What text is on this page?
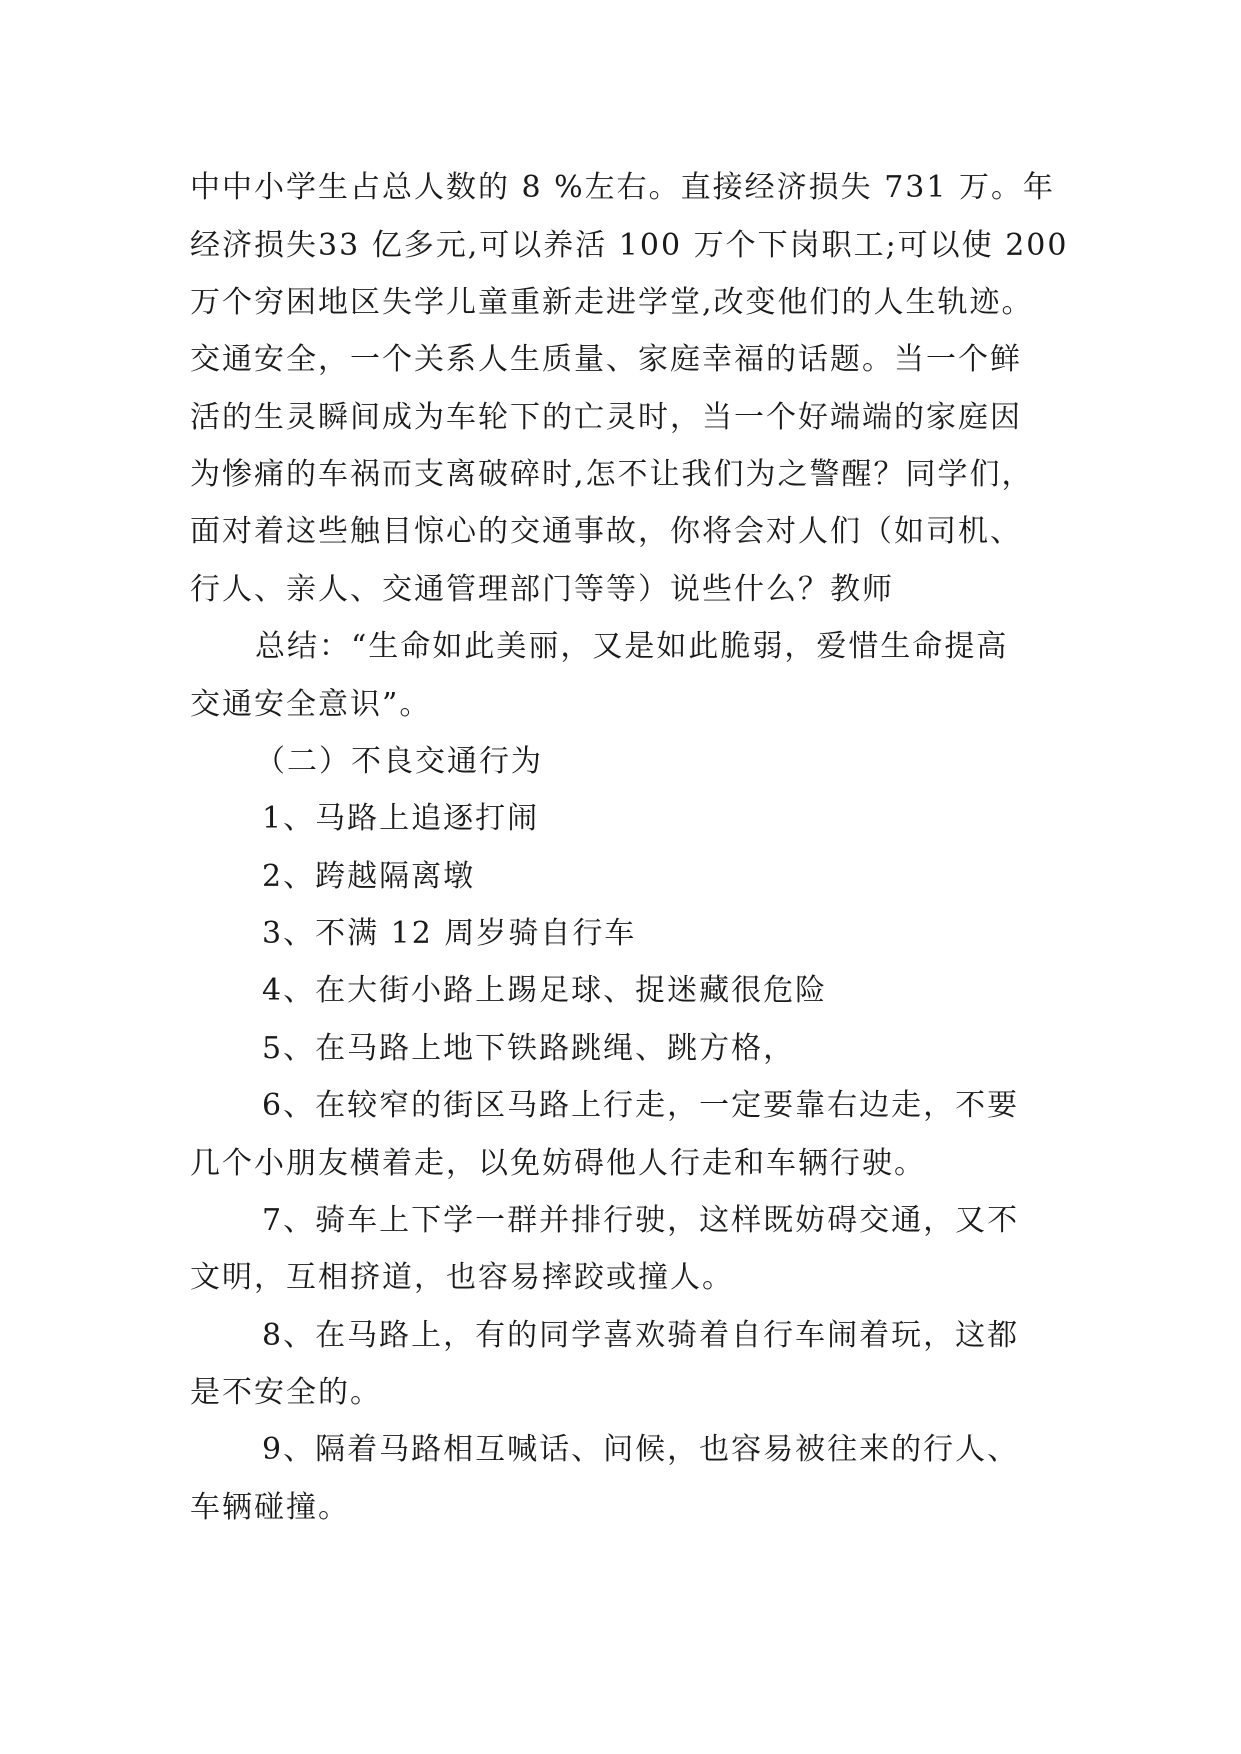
中中小学生占总人数的 8 %左右。直接经济损失 731 万。年

经济损失33 亿多元,可以养活 100 万个下岗职工;可以使 200

万个穷困地区失学儿童重新走进学堂,改变他们的人生轨迹。

交通安全，一个关系人生质量、家庭幸福的话题。当一个鲜

活的生灵瞬间成为车轮下的亡灵时，当一个好端端的家庭因

为惨痛的车祸而支离破碎时,怎不让我们为之警醒？同学们，

面对着这些触目惊心的交通事故，你将会对人们（如司机、

行人、亲人、交通管理部门等等）说些什么？教师

总结：“生命如此美丽，又是如此脆弱，爱惜生命提高

交通安全意识”。

（二）不良交通行为

1、马路上追逐打闹

2、跨越隔离墩

3、不满 12 周岁骑自行车

4、在大街小路上踢足球、捉迷藏很危险

5、在马路上地下铁路跳绳、跳方格，

6、在较窄的街区马路上行走，一定要靠右边走，不要

几个小朋友横着走，以免妨碍他人行走和车辆行驶。

7、骑车上下学一群并排行驶，这样既妨碍交通，又不

文明，互相挤道，也容易摔跤或撞人。

8、在马路上，有的同学喜欢骑着自行车闹着玩，这都

是不安全的。

9、隔着马路相互喊话、问候，也容易被往来的行人、

车辆碰撞。
